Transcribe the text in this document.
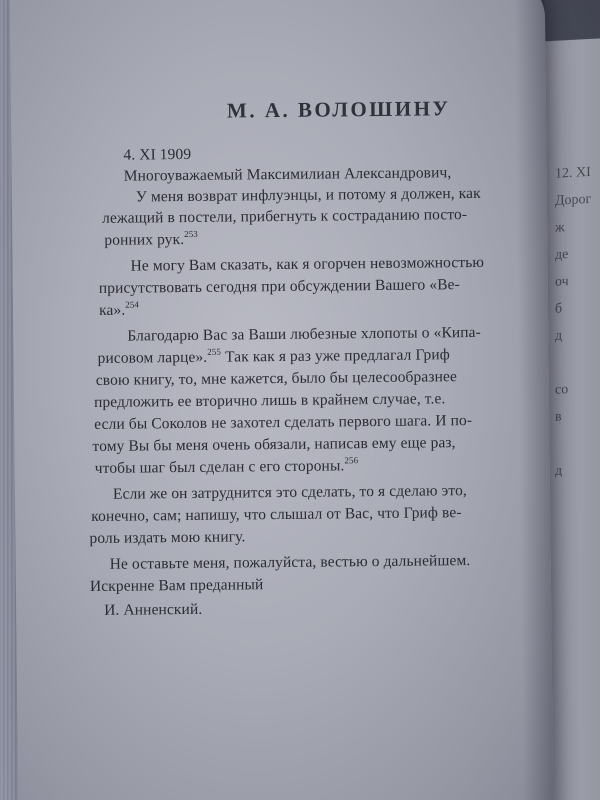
12. XI
Дорог
ж
де
оч
б
д

со
в

д
М. А. ВОЛОШИНУ
4. XI 1909
Многоуважаемый Максимилиан Александрович,
У меня возврат инфлуэнцы, и потому я должен, как
лежащий в постели, прибегнуть к состраданию посто-
ронних рук.$^{253}$
Не могу Вам сказать, как я огорчен невозможностью
присутствовать сегодня при обсуждении Вашего «Ве-
ка».$^{254}$
Благодарю Вас за Ваши любезные хлопоты о «Кипа-
рисовом ларце».$^{255}$ Так как я раз уже предлагал Гриф
свою книгу, то, мне кажется, было бы целесообразнее
предложить ее вторично лишь в крайнем случае, т.е.
если бы Соколов не захотел сделать первого шага. И по-
тому Вы бы меня очень обязали, написав ему еще раз,
чтобы шаг был сделан с его стороны.$^{256}$
Если же он затруднится это сделать, то я сделаю это,
конечно, сам; напишу, что слышал от Вас, что Гриф ве-
роль издать мою книгу.
Не оставьте меня, пожалуйста, вестью о дальнейшем.
Искренне Вам преданный
И. Анненский.
